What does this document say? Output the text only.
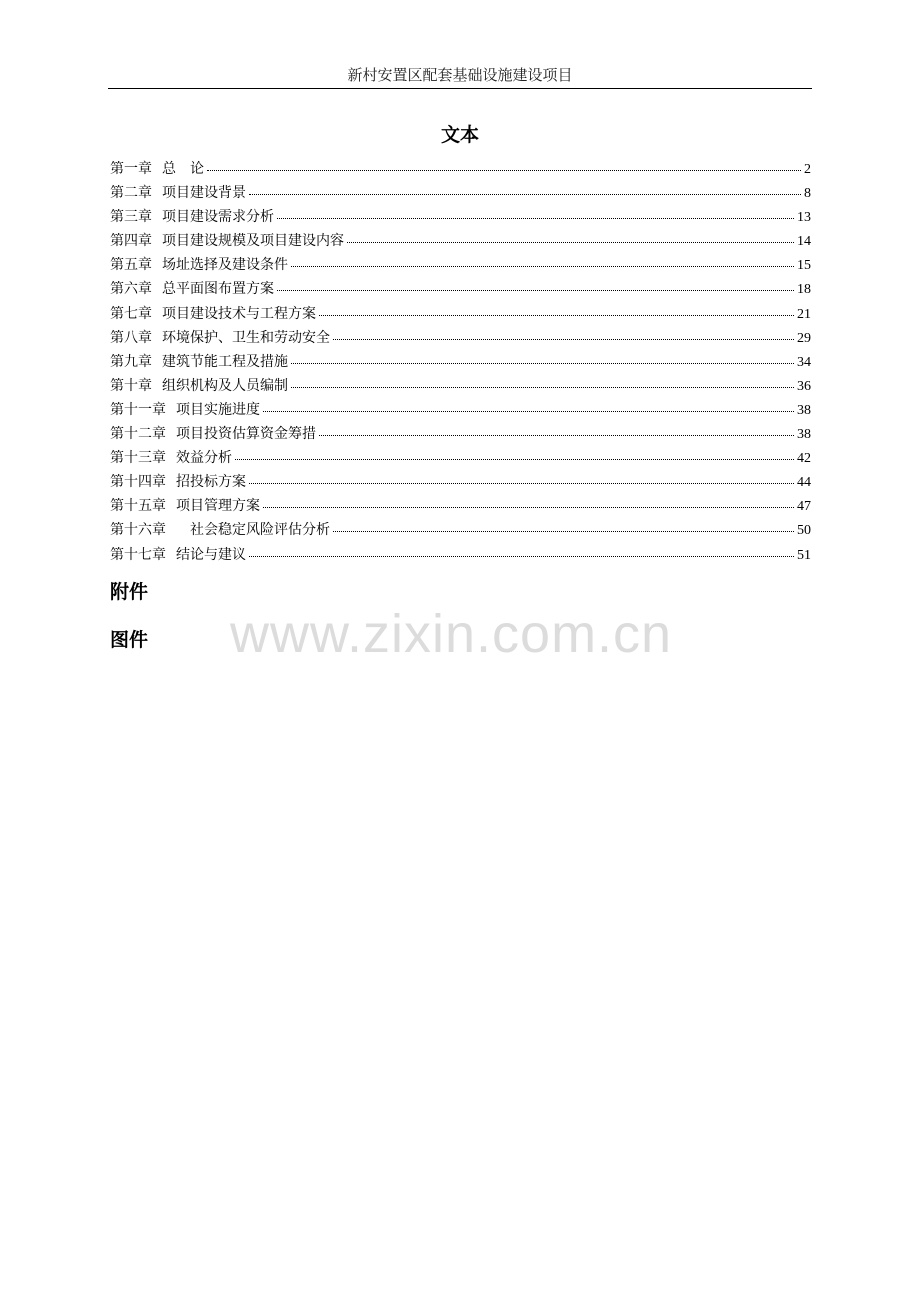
新村安置区配套基础设施建设项目
文本
第一章 总　论	2
第二章 项目建设背景	8
第三章 项目建设需求分析	13
第四章 项目建设规模及项目建设内容	14
第五章 场址选择及建设条件	15
第六章 总平面图布置方案	18
第七章 项目建设技术与工程方案	21
第八章 环境保护、卫生和劳动安全	29
第九章 建筑节能工程及措施	34
第十章 组织机构及人员编制	36
第十一章 项目实施进度	38
第十二章 项目投资估算资金筹措	38
第十三章 效益分析	42
第十四章 招投标方案	44
第十五章 项目管理方案	47
第十六章 　社会稳定风险评估分析	50
第十七章 结论与建议	51
附件
图件 www.zixin.com.cn
